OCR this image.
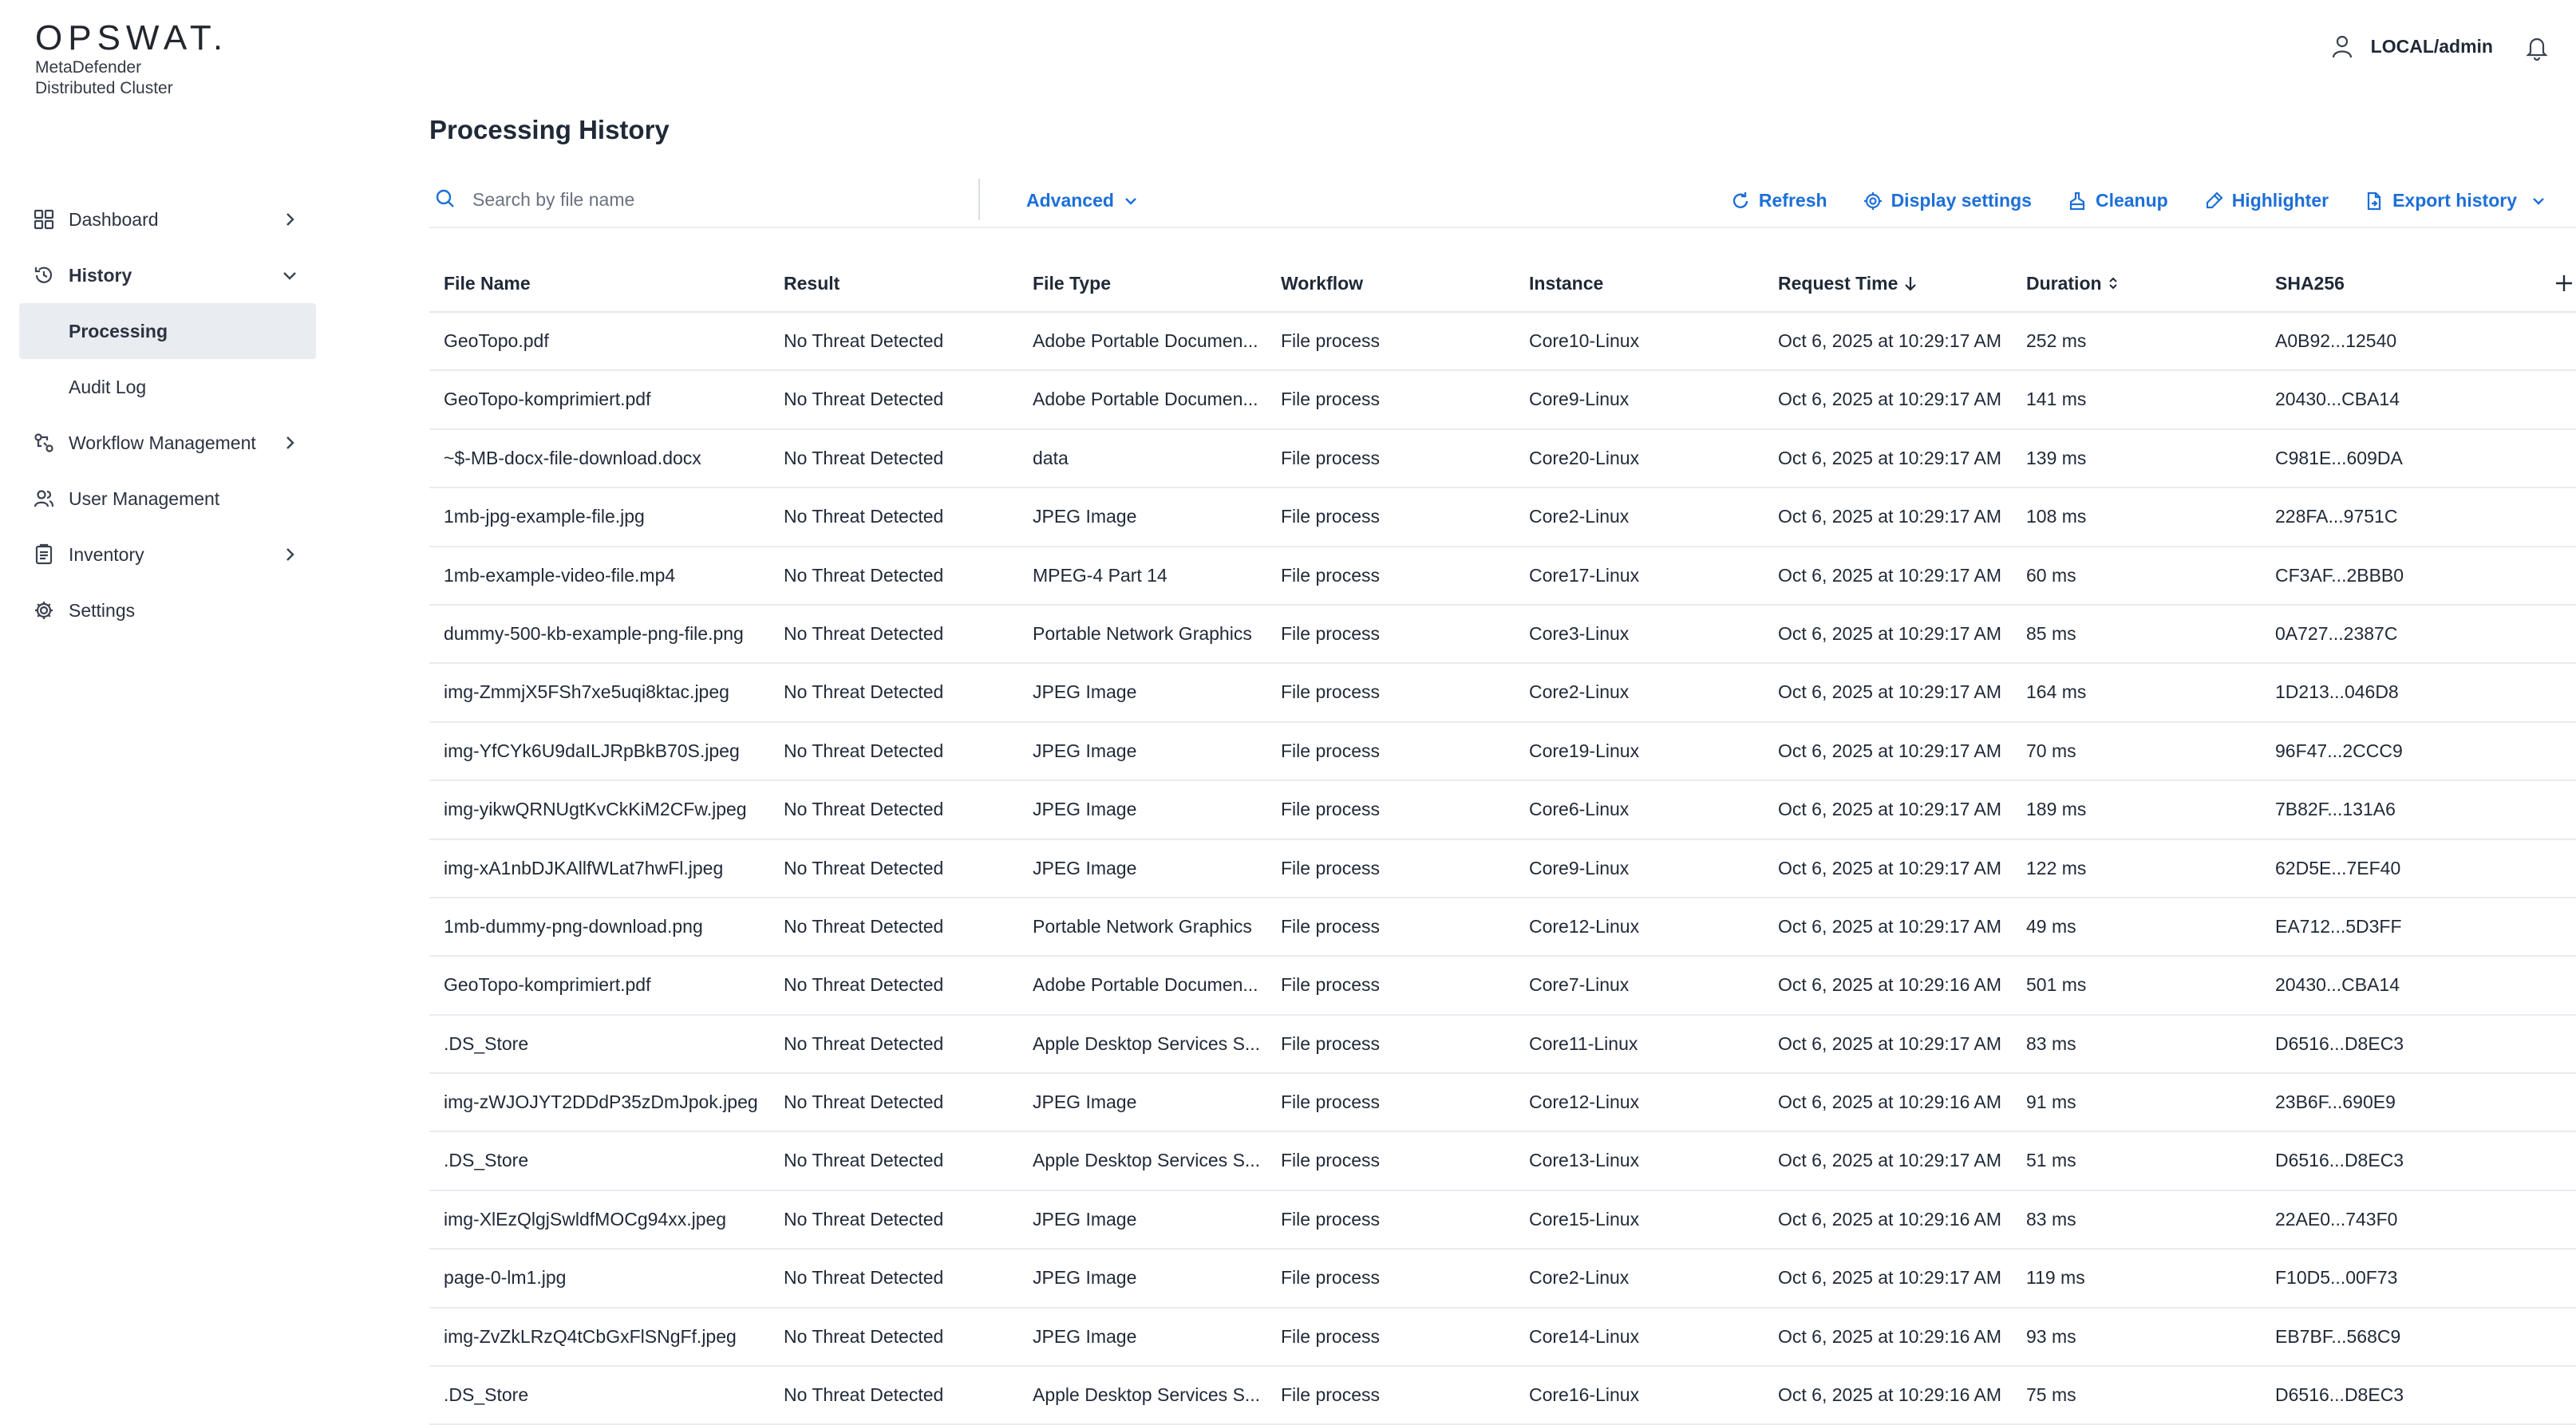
OPSWAT.
MetaDefender
Distributed Cluster
Dashboard
History
Processing
Audit Log
Workflow Management
User Management
Inventory
Settings
LOCAL/admin
Processing History
Search by file name
Advanced	Refresh	Display settings	Cleanup	Highlighter	Export history
File Name	Result	File Type	Workflow	Instance	Request Time	Duration	SHA256
GeoTopo.pdf	No Threat Detected	Adobe Portable Documen...	File process	Core10-Linux	Oct 6, 2025 at 10:29:17 AM	252 ms	A0B92...12540
GeoTopo-komprimiert.pdf	No Threat Detected	Adobe Portable Documen...	File process	Core9-Linux	Oct 6, 2025 at 10:29:17 AM	141 ms	20430...CBA14
~$-MB-docx-file-download.docx	No Threat Detected	data	File process	Core20-Linux	Oct 6, 2025 at 10:29:17 AM	139 ms	C981E...609DA
1mb-jpg-example-file.jpg	No Threat Detected	JPEG Image	File process	Core2-Linux	Oct 6, 2025 at 10:29:17 AM	108 ms	228FA...9751C
1mb-example-video-file.mp4	No Threat Detected	MPEG-4 Part 14	File process	Core17-Linux	Oct 6, 2025 at 10:29:17 AM	60 ms	CF3AF...2BBB0
dummy-500-kb-example-png-file.png	No Threat Detected	Portable Network Graphics	File process	Core3-Linux	Oct 6, 2025 at 10:29:17 AM	85 ms	0A727...2387C
img-ZmmjX5FSh7xe5uqi8ktac.jpeg	No Threat Detected	JPEG Image	File process	Core2-Linux	Oct 6, 2025 at 10:29:17 AM	164 ms	1D213...046D8
img-YfCYk6U9daILJRpBkB70S.jpeg	No Threat Detected	JPEG Image	File process	Core19-Linux	Oct 6, 2025 at 10:29:17 AM	70 ms	96F47...2CCC9
img-yikwQRNUgtKvCkKiM2CFw.jpeg	No Threat Detected	JPEG Image	File process	Core6-Linux	Oct 6, 2025 at 10:29:17 AM	189 ms	7B82F...131A6
img-xA1nbDJKAllfWLat7hwFl.jpeg	No Threat Detected	JPEG Image	File process	Core9-Linux	Oct 6, 2025 at 10:29:17 AM	122 ms	62D5E...7EF40
1mb-dummy-png-download.png	No Threat Detected	Portable Network Graphics	File process	Core12-Linux	Oct 6, 2025 at 10:29:17 AM	49 ms	EA712...5D3FF
GeoTopo-komprimiert.pdf	No Threat Detected	Adobe Portable Documen...	File process	Core7-Linux	Oct 6, 2025 at 10:29:16 AM	501 ms	20430...CBA14
.DS_Store	No Threat Detected	Apple Desktop Services S...	File process	Core11-Linux	Oct 6, 2025 at 10:29:17 AM	83 ms	D6516...D8EC3
img-zWJOJYT2DDdP35zDmJpok.jpeg	No Threat Detected	JPEG Image	File process	Core12-Linux	Oct 6, 2025 at 10:29:16 AM	91 ms	23B6F...690E9
.DS_Store	No Threat Detected	Apple Desktop Services S...	File process	Core13-Linux	Oct 6, 2025 at 10:29:17 AM	51 ms	D6516...D8EC3
img-XlEzQlgjSwldfMOCg94xx.jpeg	No Threat Detected	JPEG Image	File process	Core15-Linux	Oct 6, 2025 at 10:29:16 AM	83 ms	22AE0...743F0
page-0-lm1.jpg	No Threat Detected	JPEG Image	File process	Core2-Linux	Oct 6, 2025 at 10:29:17 AM	119 ms	F10D5...00F73
img-ZvZkLRzQ4tCbGxFlSNgFf.jpeg	No Threat Detected	JPEG Image	File process	Core14-Linux	Oct 6, 2025 at 10:29:16 AM	93 ms	EB7BF...568C9
.DS_Store	No Threat Detected	Apple Desktop Services S...	File process	Core16-Linux	Oct 6, 2025 at 10:29:16 AM	75 ms	D6516...D8EC3
